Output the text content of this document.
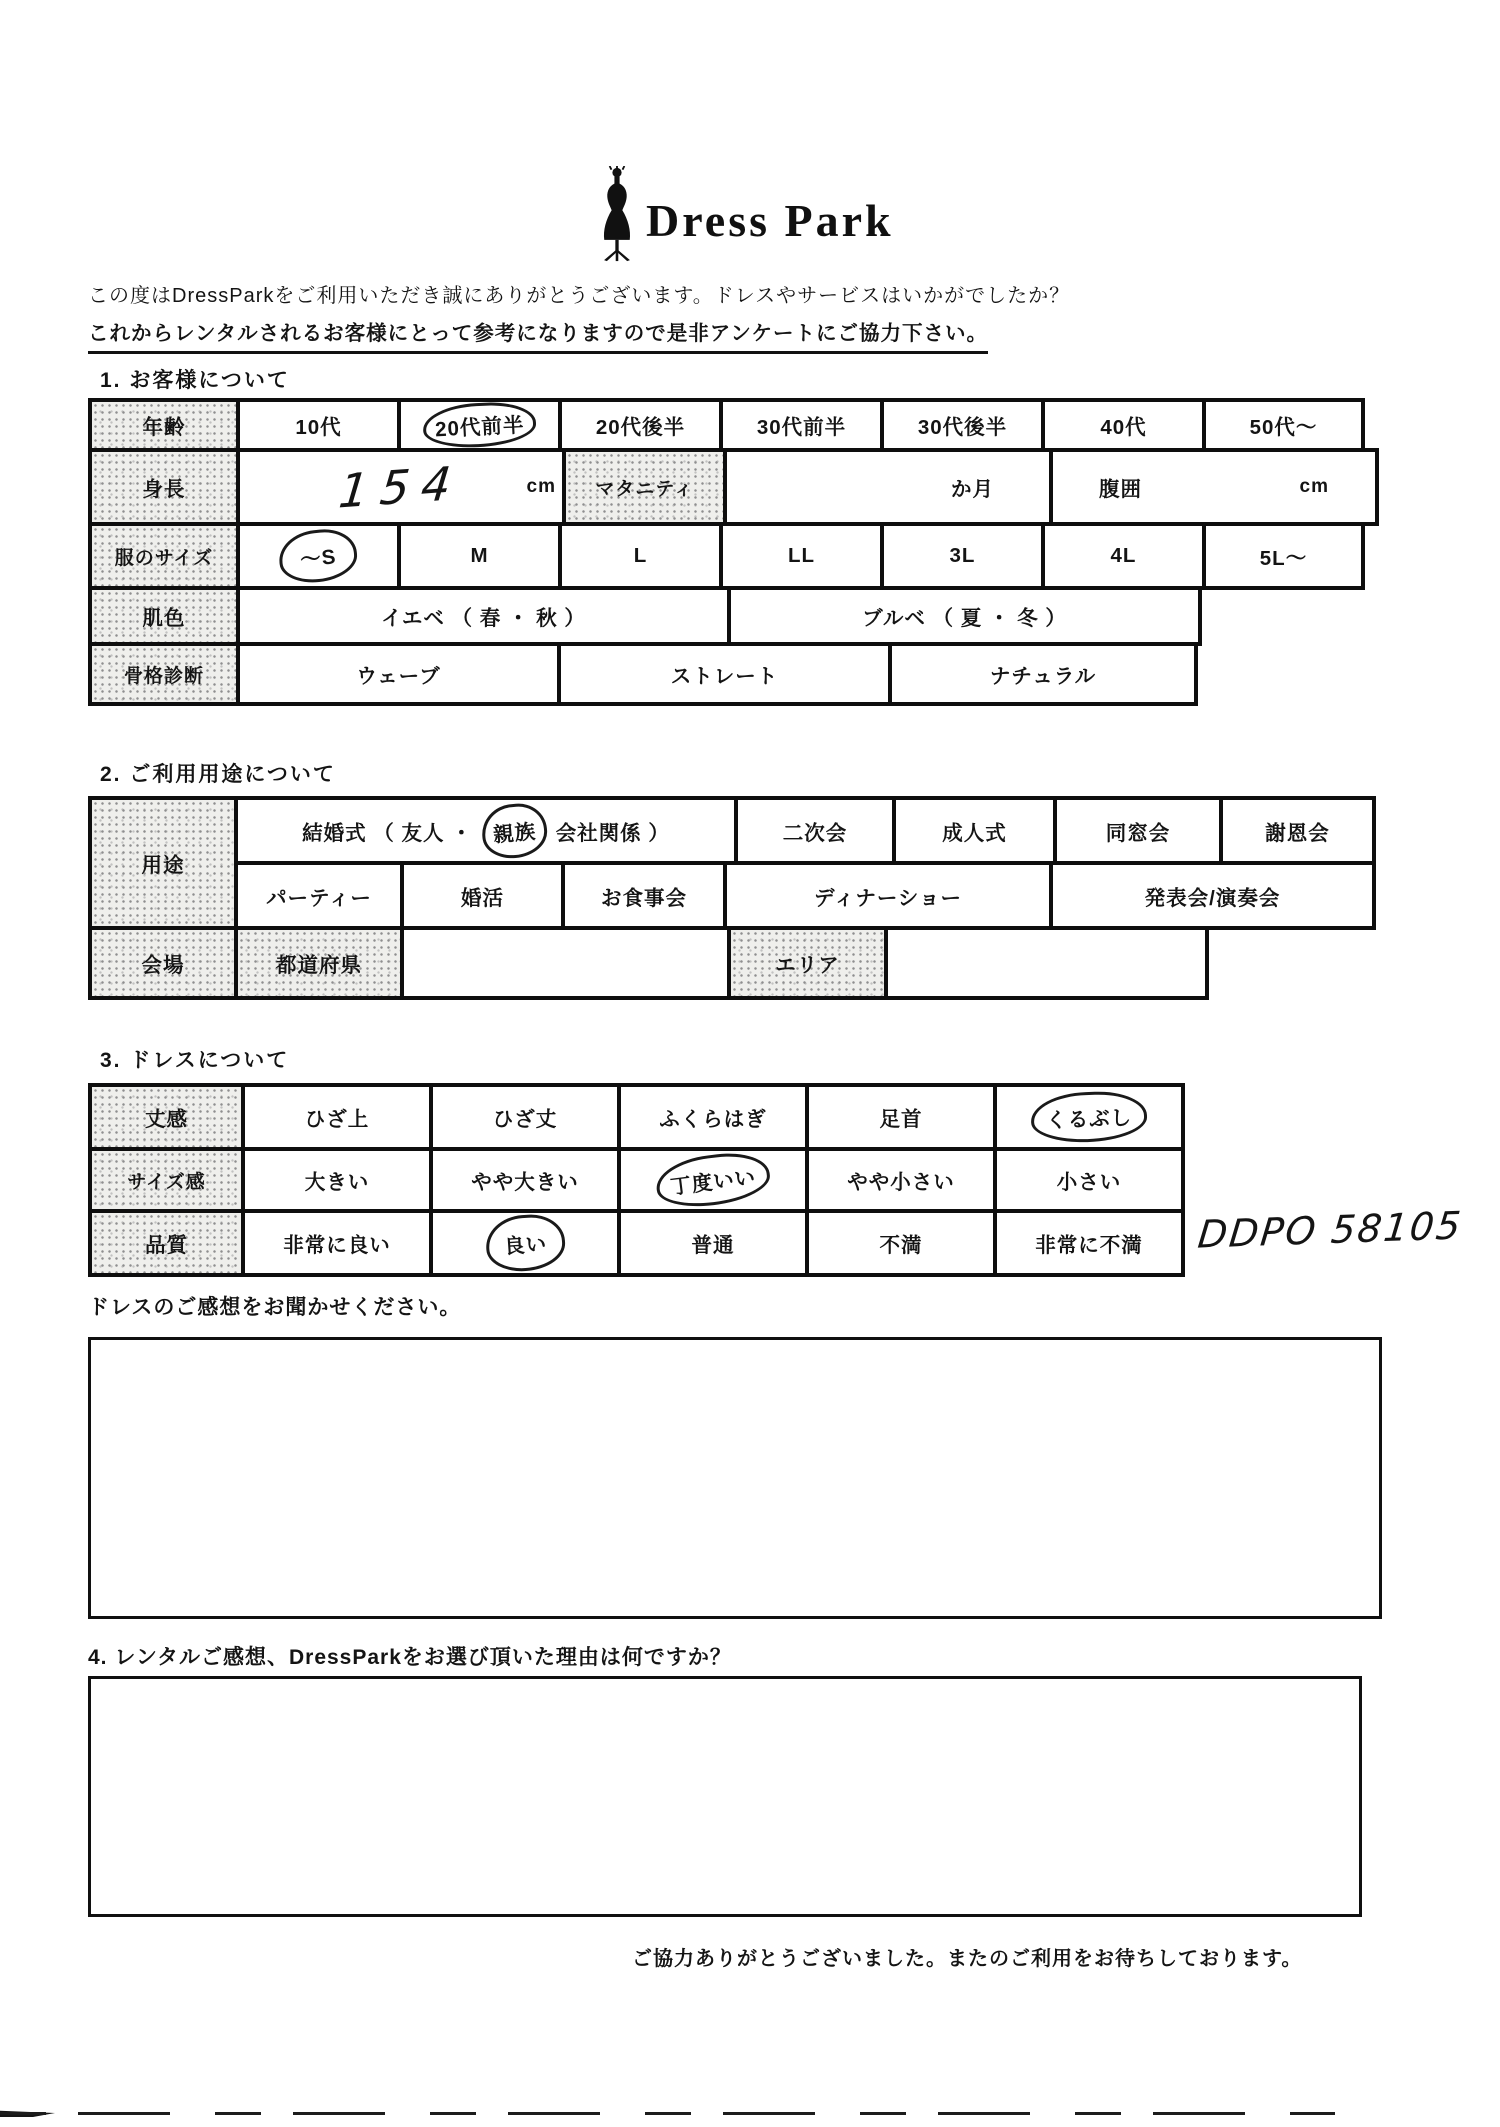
Dress Park

この度はDressParkをご利用いただき誠にありがとうございます。ドレスやサービスはいかがでしたか？

これからレンタルされるお客様にとって参考になりますので是非アンケートにご協力下さい。

1. お客様について
年齢	10代	20代前半	20代後半	30代前半	30代後半	40代	50代～
身長	154	cm	マタニティ	か月	腹囲	cm
服のサイズ	～S	M	L	LL	3L	4L	5L～
肌色	イエベ （ 春 ・ 秋 ）	ブルベ （ 夏 ・ 冬 ）
骨格診断	ウェーブ	ストレート	ナチュラル
2. ご利用用途について
用途
結婚式 （ 友人 ・ 親族 会社関係 ）	二次会	成人式	同窓会	謝恩会
パーティー	婚活	お食事会	ディナーショー	発表会/演奏会
会場	都道府県	エリア
3. ドレスについて
丈感	ひざ上	ひざ丈	ふくらはぎ	足首	くるぶし
サイズ感	大きい	やや大きい	丁度いい	やや小さい	小さい
品質	非常に良い	良い	普通	不満	非常に不満	DDPO 58105

ドレスのご感想をお聞かせください。

4. レンタルご感想、DressParkをお選び頂いた理由は何ですか？

ご協力ありがとうございました。またのご利用をお待ちしております。
